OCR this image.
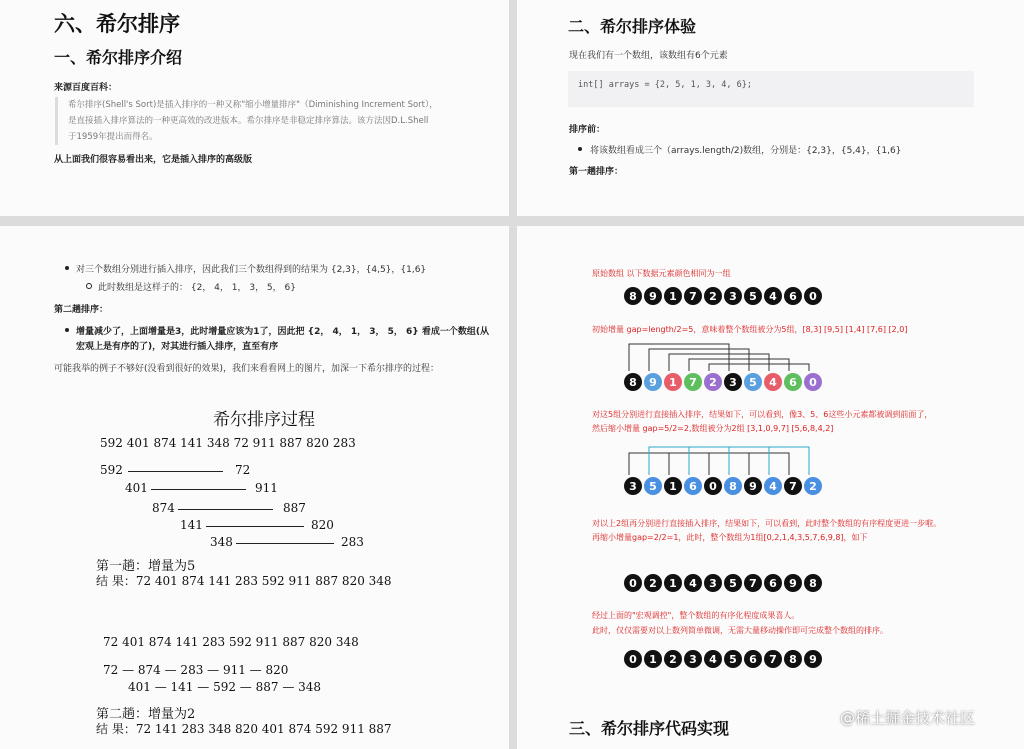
六、希尔排序
一、希尔排序介绍
来源百度百科：
希尔排序(Shell's Sort)是插入排序的一种又称"缩小增量排序"（Diminishing Increment Sort），
是直接插入排序算法的一种更高效的改进版本。希尔排序是非稳定排序算法。该方法因D.L.Shell
于1959年提出而得名。
从上面我们很容易看出来，它是插入排序的高级版
二、希尔排序体验
现在我们有一个数组，该数组有6个元素
int[] arrays = {2, 5, 1, 3, 4, 6};
排序前：
将该数组看成三个（arrays.length/2)数组，分别是：{2,3}，{5,4}，{1,6}
第一趟排序：
对三个数组分别进行插入排序，因此我们三个数组得到的结果为 {2,3}，{4,5}，{1,6}
此时数组是这样子的： {2， 4， 1， 3， 5， 6}
第二趟排序：
增量减少了，上面增量是3，此时增量应该为1了，因此把 {2， 4， 1， 3， 5， 6} 看成一个数组(从
宏观上是有序的了)，对其进行插入排序，直至有序
可能我举的例子不够好(没看到很好的效果)，我们来看看网上的图片，加深一下希尔排序的过程：
希尔排序过程
592 401 874 141 348 72 911 887 820 283
592	72
401	911
874	887
141	820
348	283
第一趟：增量为5
结 果：72 401 874 141 283 592 911 887 820 348
72 401 874 141 283 592 911 887 820 348
72 — 874 — 283 — 911 — 820
401 — 141 — 592 — 887 — 348
第二趟：增量为2
结 果：72 141 283 348 820 401 874 592 911 887
原始数组 以下数据元素颜色相同为一组
8	9	1	7	2	3	5	4	6	0
初始增量 gap=length/2=5，意味着整个数组被分为5组，[8,3] [9,5] [1,4] [7,6] [2,0]
8	9	1	7	2	3	5	4	6	0
对这5组分别进行直接插入排序，结果如下，可以看到，像3、5、6这些小元素都被调到前面了，
然后缩小增量 gap=5/2=2,数组被分为2组 [3,1,0,9,7] [5,6,8,4,2]
3	5	1	6	0	8	9	4	7	2
对以上2组再分别进行直接插入排序，结果如下，可以看到，此时整个数组的有序程度更进一步啦。
再缩小增量gap=2/2=1，此时，整个数组为1组[0,2,1,4,3,5,7,6,9,8]，如下
0	2	1	4	3	5	7	6	9	8
经过上面的"宏观调控"，整个数组的有序化程度成果喜人。
此时，仅仅需要对以上数列简单微调，无需大量移动操作即可完成整个数组的排序。
0	1	2	3	4	5	6	7	8	9
三、希尔排序代码实现
@稀土掘金技术社区
